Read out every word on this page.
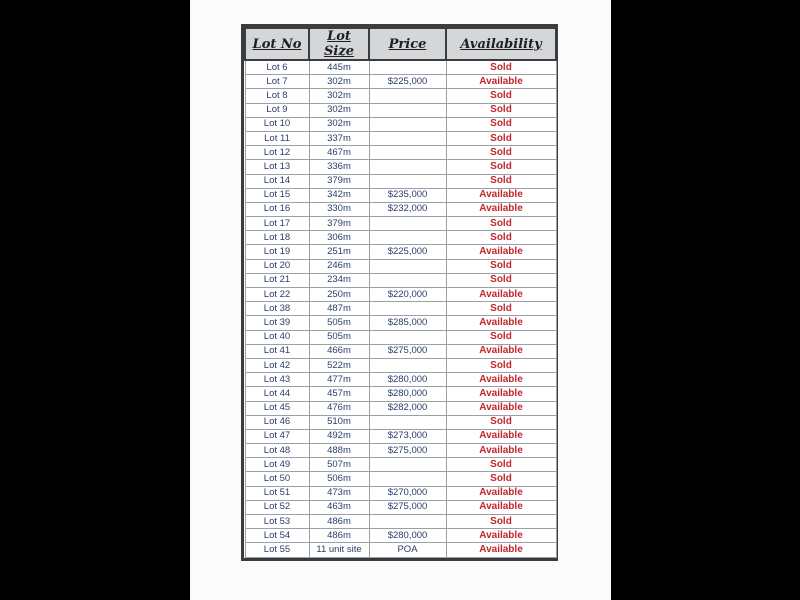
Lot No	Lot Size	Price	Availability
Lot 6	445m		Sold
Lot 7	302m	$225,000	Available
Lot 8	302m		Sold
Lot 9	302m		Sold
Lot 10	302m		Sold
Lot 11	337m		Sold
Lot 12	467m		Sold
Lot 13	336m		Sold
Lot 14	379m		Sold
Lot 15	342m	$235,000	Available
Lot 16	330m	$232,000	Available
Lot 17	379m		Sold
Lot 18	306m		Sold
Lot 19	251m	$225,000	Available
Lot 20	246m		Sold
Lot 21	234m		Sold
Lot 22	250m	$220,000	Available
Lot 38	487m		Sold
Lot 39	505m	$285,000	Available
Lot 40	505m		Sold
Lot 41	466m	$275,000	Available
Lot 42	522m		Sold
Lot 43	477m	$280,000	Available
Lot 44	457m	$280,000	Available
Lot 45	476m	$282,000	Available
Lot 46	510m		Sold
Lot 47	492m	$273,000	Available
Lot 48	488m	$275,000	Available
Lot 49	507m		Sold
Lot 50	506m		Sold
Lot 51	473m	$270,000	Available
Lot 52	463m	$275,000	Available
Lot 53	486m		Sold
Lot 54	486m	$280,000	Available
Lot 55	11 unit site	POA	Available
